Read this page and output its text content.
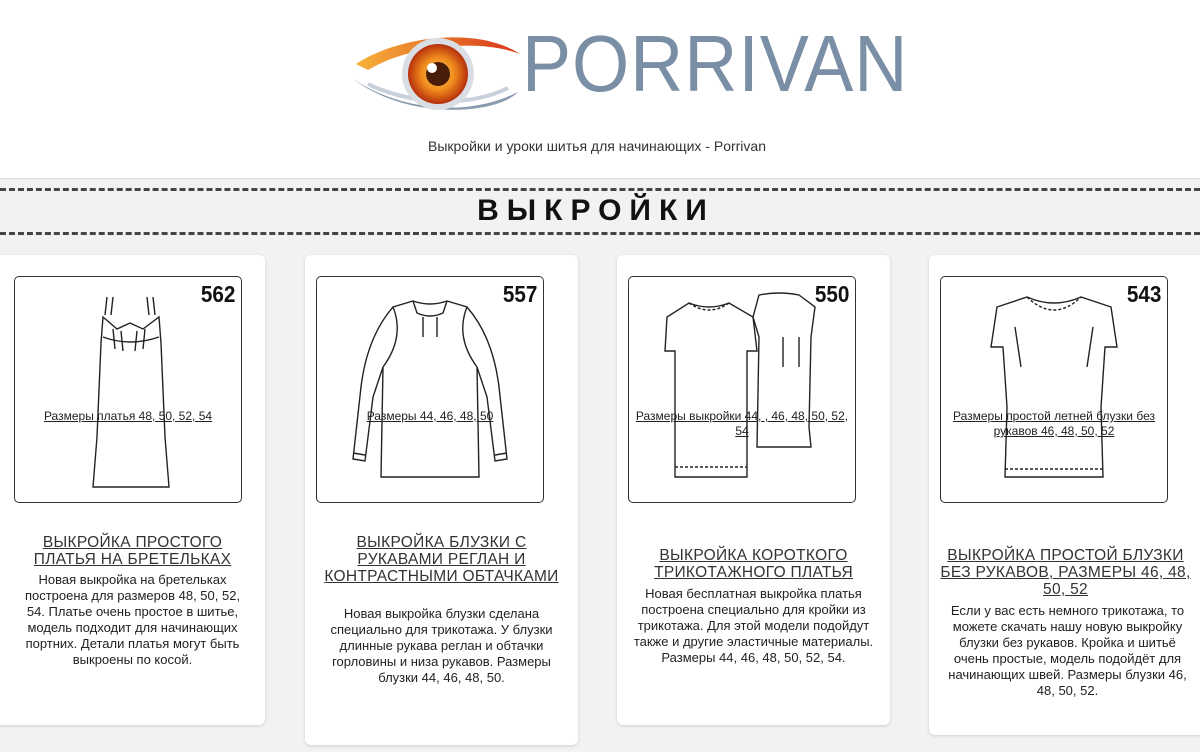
PORRIVAN
Выкройки и уроки шитья для начинающих - Porrivan
ВЫКРОЙКИ
562
Размеры платья 48, 50, 52, 54
ВЫКРОЙКА ПРОСТОГО ПЛАТЬЯ НА БРЕТЕЛЬКАХ
Новая выкройка на бретельках построена для размеров 48, 50, 52, 54. Платье очень простое в шитье, модель подходит для начинающих портних. Детали платья могут быть выкроены по косой.
557
Размеры 44, 46, 48, 50
ВЫКРОЙКА БЛУЗКИ С РУКАВАМИ РЕГЛАН И КОНТРАСТНЫМИ ОБТАЧКАМИ
Новая выкройка блузки сделана специально для трикотажа. У блузки длинные рукава реглан и обтачки горловины и низа рукавов. Размеры блузки 44, 46, 48, 50.
550
Размеры выкройки 44, , 46, 48, 50, 52, 54
ВЫКРОЙКА КОРОТКОГО ТРИКОТАЖНОГО ПЛАТЬЯ
Новая бесплатная выкройка платья построена специально для кройки из трикотажа. Для этой модели подойдут также и другие эластичные материалы. Размеры 44, 46, 48, 50, 52, 54.
543
Размеры простой летней блузки без рукавов 46, 48, 50, 52
ВЫКРОЙКА ПРОСТОЙ БЛУЗКИ БЕЗ РУКАВОВ, РАЗМЕРЫ 46, 48, 50, 52
Если у вас есть немного трикотажа, то можете скачать нашу новую выкройку блузки без рукавов. Кройка и шитьё очень простые, модель подойдёт для начинающих швей. Размеры блузки 46, 48, 50, 52.
